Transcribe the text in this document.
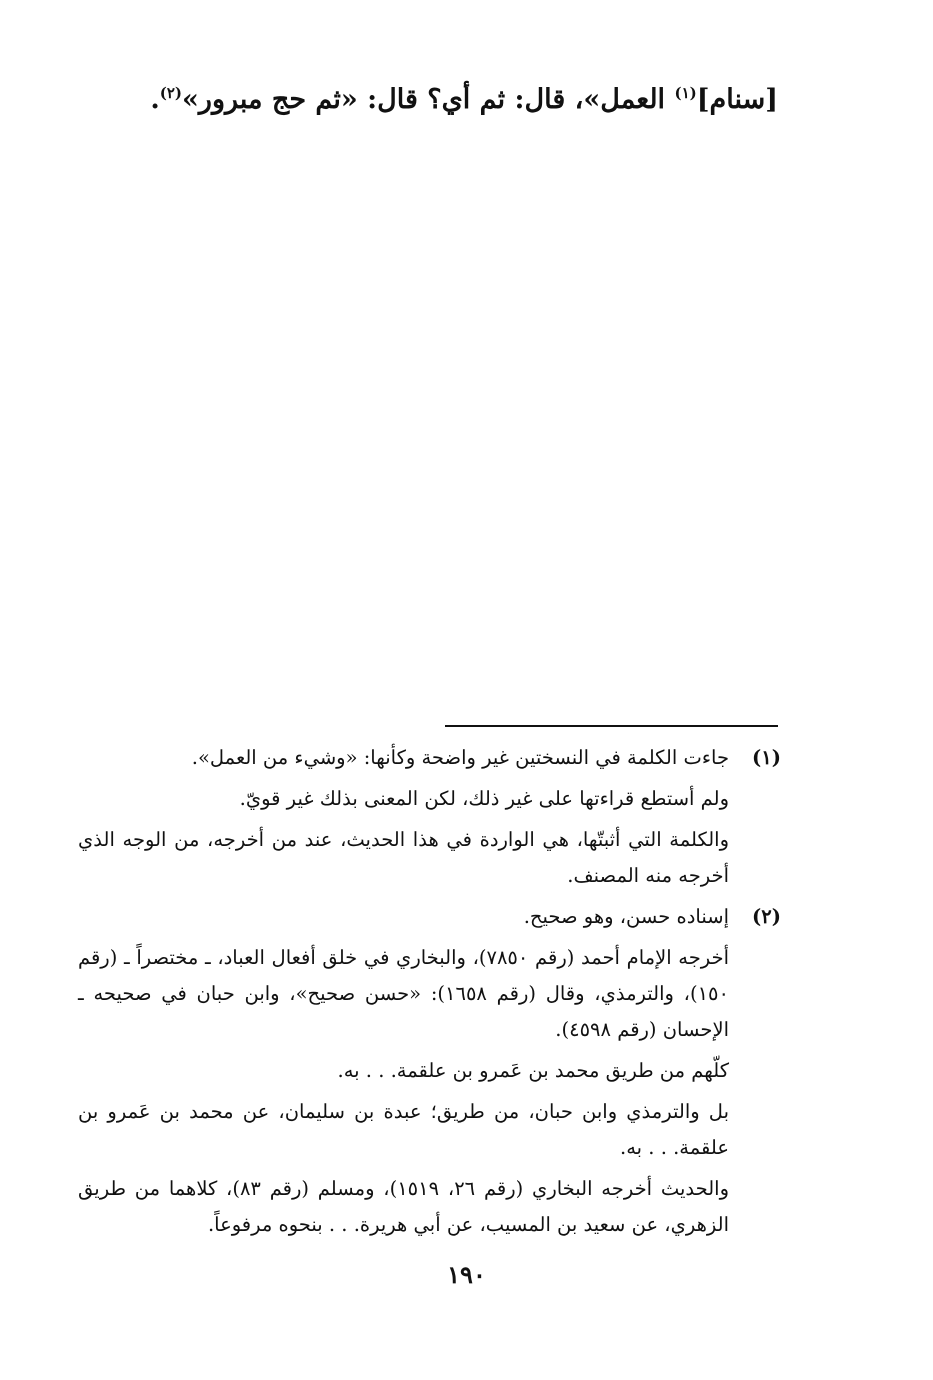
[سنام]$^{(١)}$ العمل»، قال: ثم أي؟ قال: «ثم حج مبرور»$^{(٢)}$.
(١)

جاءت الكلمة في النسختين غير واضحة وكأنها: «وشيء من العمل».

ولم أستطع قراءتها على غير ذلك، لكن المعنى بذلك غير قويّ.

والكلمة التي أثبتّها، هي الواردة في هذا الحديث، عند من أخرجه، من الوجه الذي أخرجه منه المصنف.

(٢)

إسناده حسن، وهو صحيح.

أخرجه الإمام أحمد (رقم ٧٨٥٠)، والبخاري في خلق أفعال العباد، ـ مختصراً ـ (رقم ١٥٠)، والترمذي، وقال (رقم ١٦٥٨): «حسن صحيح»، وابن حبان في صحيحه ـ الإحسان (رقم ٤٥٩٨).

كلّهم من طريق محمد بن عَمرو بن علقمة. . . به.

بل والترمذي وابن حبان، من طريق؛ عبدة بن سليمان، عن محمد بن عَمرو بن علقمة. . . به.

والحديث أخرجه البخاري (رقم ٢٦، ١٥١٩)، ومسلم (رقم ٨٣)، كلاهما من طريق الزهري، عن سعيد بن المسيب، عن أبي هريرة. . . بنحوه مرفوعاً.

١٩٠
